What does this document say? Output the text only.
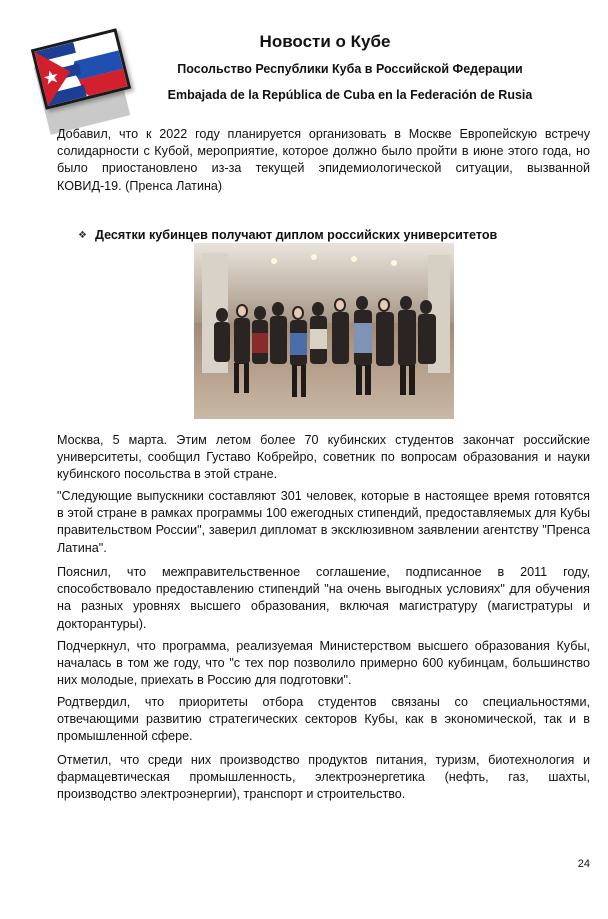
Новости о Кубе
Посольство Республики Куба в Российской Федерации
Embajada de la República de Cuba en la Federación de Rusia

Добавил, что к 2022 году планируется организовать в Москве Европейскую встречу солидарности с Кубой, мероприятие, которое должно было пройти в июне этого года, но было приостановлено из-за текущей эпидемиологической ситуации, вызванной КОВИД-19. (Пренса Латина)

❖ Десятки кубинцев получают диплом российских университетов

Москва, 5 марта. Этим летом более 70 кубинских студентов закончат российские университеты, сообщил Густаво Кобрейро, советник по вопросам образования и науки кубинского посольства в этой стране.

"Следующие выпускники составляют 301 человек, которые в настоящее время готовятся в этой стране в рамках программы 100 ежегодных стипендий, предоставляемых для Кубы правительством России", заверил дипломат в эксклюзивном заявлении агентству "Пренса Латина".

Пояснил, что межправительственное соглашение, подписанное в 2011 году, способствовало предоставлению стипендий "на очень выгодных условиях" для обучения на разных уровнях высшего образования, включая магистратуру (магистратуры и докторантуры).

Подчеркнул, что программа, реализуемая Министерством высшего образования Кубы, началась в том же году, что "с тех пор позволило примерно 600 кубинцам, большинство них молодые, приехать в Россию для подготовки".

Родтвердил, что приоритеты отбора студентов связаны со специальностями, отвечающими развитию стратегических секторов Кубы, как в экономической, так и в промышленной сфере.

Отметил, что среди них производство продуктов питания, туризм, биотехнология и фармацевтическая промышленность, электроэнергетика (нефть, газ, шахты, производство электроэнергии), транспорт и строительство.

24
